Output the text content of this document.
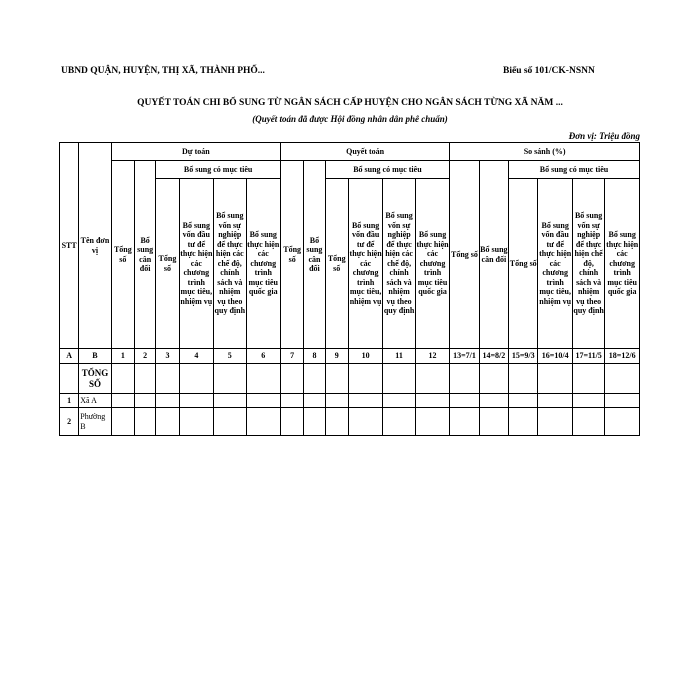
UBND QUẬN, HUYỆN, THỊ XÃ, THÀNH PHỐ...	Biểu số 101/CK-NSNN
QUYẾT TOÁN CHI BỔ SUNG TỪ NGÂN SÁCH CẤP HUYỆN CHO NGÂN SÁCH TỪNG XÃ NĂM ...
(Quyết toán đã được Hội đồng nhân dân phê chuẩn)
Đơn vị: Triệu đồng
STT	Tên đơn vị	Dự toán						Quyết toán						So sánh (%)					
		Tổng số	Bổ sung cân đối	Bổ sung có mục tiêu				Tổng số	Bổ sung cân đối	Bổ sung có mục tiêu				Tổng số	Bổ sung cân đối	Bổ sung có mục tiêu			
				Tổng số	Bổ sung vốn đầu tư để thực hiện các chương trình mục tiêu, nhiệm vụ	Bổ sung vốn sự nghiệp để thực hiện các chế độ, chính sách và nhiệm vụ theo quy định	Bổ sung thực hiện các chương trình mục tiêu quốc gia			Tổng số	Bổ sung vốn đầu tư để thực hiện các chương trình mục tiêu, nhiệm vụ	Bổ sung vốn sự nghiệp để thực hiện các chế độ, chính sách và nhiệm vụ theo quy định	Bổ sung thực hiện các chương trình mục tiêu quốc gia			Tổng số	Bổ sung vốn đầu tư để thực hiện các chương trình mục tiêu, nhiệm vụ	Bổ sung vốn sự nghiệp để thực hiện chế độ, chính sách và nhiệm vụ theo quy định	Bổ sung thực hiện các chương trình mục tiêu quốc gia
A	B	1	2	3	4	5	6	7	8	9	10	11	12	13=7/1	14=8/2	15=9/3	16=10/4	17=11/5	18=12/6
	TỔNG SỐ																		
1	Xã A																		
2	Phường B																		
